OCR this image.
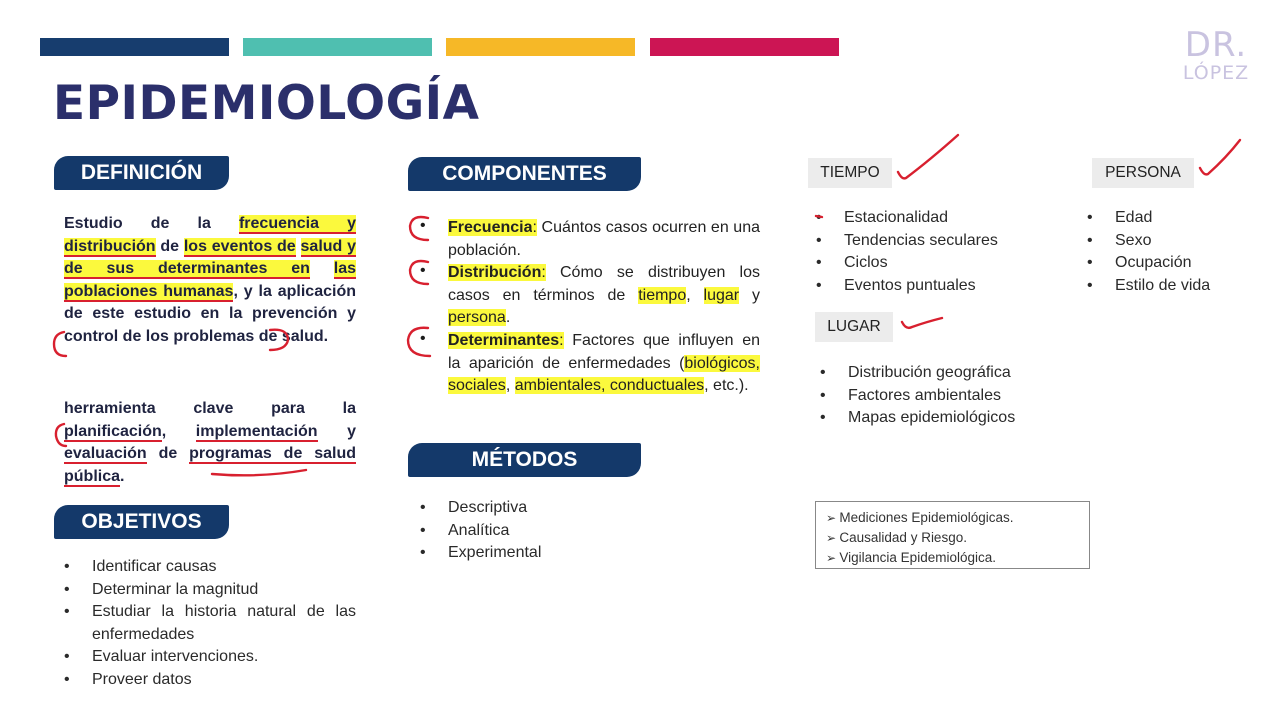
DR.
LÓPEZ
EPIDEMIOLOGÍA
DEFINICIÓN
Estudio de la frecuencia y distribución de los eventos de salud y de sus determinantes en las poblaciones humanas, y la aplicación de este estudio en la prevención y control de los problemas de salud.
herramienta clave para la planificación, implementación y evaluación de programas de salud pública.
OBJETIVOS
• Identificar causas
• Determinar la magnitud
• Estudiar la historia natural de las enfermedades
• Evaluar intervenciones.
• Proveer datos
COMPONENTES
• Frecuencia: Cuántos casos ocurren en una población.
• Distribución: Cómo se distribuyen los casos en términos de tiempo, lugar y persona.
• Determinantes: Factores que influyen en la aparición de enfermedades (biológicos, sociales, ambientales, conductuales, etc.).
MÉTODOS
• Descriptiva
• Analítica
• Experimental
TIEMPO
• Estacionalidad
• Tendencias seculares
• Ciclos
• Eventos puntuales
PERSONA
• Edad
• Sexo
• Ocupación
• Estilo de vida
LUGAR
• Distribución geográfica
• Factores ambientales
• Mapas epidemiológicos
➢ Mediciones Epidemiológicas.
➢ Causalidad y Riesgo.
➢ Vigilancia Epidemiológica.
